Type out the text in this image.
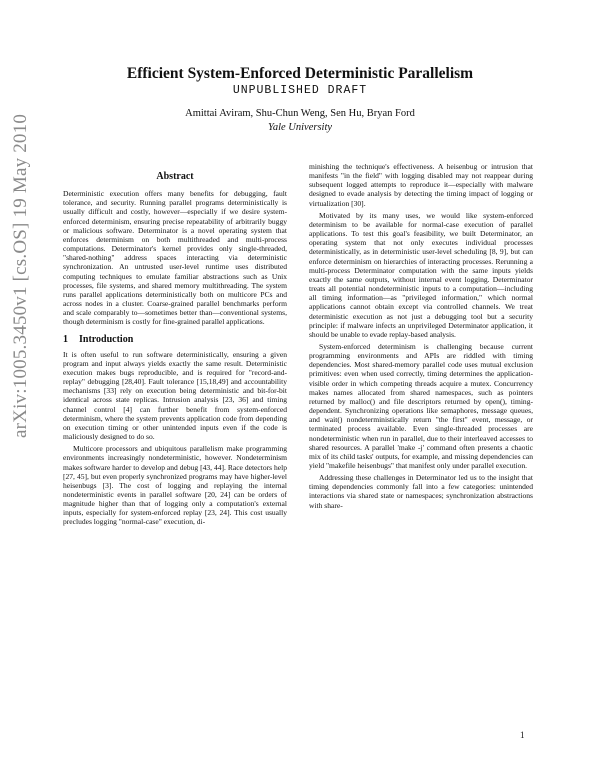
arXiv:1005.3450v1 [cs.OS] 19 May 2010
Efficient System-Enforced Deterministic Parallelism
UNPUBLISHED DRAFT
Amittai Aviram, Shu-Chun Weng, Sen Hu, Bryan Ford
Yale University
Abstract

Deterministic execution offers many benefits for debugging, fault tolerance, and security. Running parallel programs deterministically is usually difficult and costly, however—especially if we desire system-enforced determinism, ensuring precise repeatability of arbitrarily buggy or malicious software. Determinator is a novel operating system that enforces determinism on both multithreaded and multi-process computations. Determinator's kernel provides only single-threaded, "shared-nothing" address spaces interacting via deterministic synchronization. An untrusted user-level runtime uses distributed computing techniques to emulate familiar abstractions such as Unix processes, file systems, and shared memory multithreading. The system runs parallel applications deterministically both on multicore PCs and across nodes in a cluster. Coarse-grained parallel benchmarks perform and scale comparably to—sometimes better than—conventional systems, though determinism is costly for fine-grained parallel applications.

1 Introduction

It is often useful to run software deterministically, ensuring a given program and input always yields exactly the same result. Deterministic execution makes bugs reproducible, and is required for "record-and-replay" debugging [28,40]. Fault tolerance [15,18,49] and accountability mechanisms [33] rely on execution being deterministic and bit-for-bit identical across state replicas. Intrusion analysis [23, 36] and timing channel control [4] can further benefit from system-enforced determinism, where the system prevents application code from depending on execution timing or other unintended inputs even if the code is maliciously designed to do so.

Multicore processors and ubiquitous parallelism make programming environments increasingly nondeterministic, however. Nondeterminism makes software harder to develop and debug [43, 44]. Race detectors help [27, 45], but even properly synchronized programs may have higher-level heisenbugs [3]. The cost of logging and replaying the internal nondeterministic events in parallel software [20, 24] can be orders of magnitude higher than that of logging only a computation's external inputs, especially for system-enforced replay [23, 24]. This cost usually precludes logging "normal-case" execution, di-

minishing the technique's effectiveness. A heisenbug or intrusion that manifests "in the field" with logging disabled may not reappear during subsequent logged attempts to reproduce it—especially with malware designed to evade analysis by detecting the timing impact of logging or virtualization [30].

Motivated by its many uses, we would like system-enforced determinism to be available for normal-case execution of parallel applications. To test this goal's feasibility, we built Determinator, an operating system that not only executes individual processes deterministically, as in deterministic user-level scheduling [8, 9], but can enforce determinism on hierarchies of interacting processes. Rerunning a multi-process Determinator computation with the same inputs yields exactly the same outputs, without internal event logging. Determinator treats all potential nondeterministic inputs to a computation—including all timing information—as "privileged information," which normal applications cannot obtain except via controlled channels. We treat deterministic execution as not just a debugging tool but a security principle: if malware infects an unprivileged Determinator application, it should be unable to evade replay-based analysis.

System-enforced determinism is challenging because current programming environments and APIs are riddled with timing dependencies. Most shared-memory parallel code uses mutual exclusion primitives: even when used correctly, timing determines the application-visible order in which competing threads acquire a mutex. Concurrency makes names allocated from shared namespaces, such as pointers returned by malloc() and file descriptors returned by open(), timing-dependent. Synchronizing operations like semaphores, message queues, and wait() nondeterministically return "the first" event, message, or terminated process available. Even single-threaded processes are nondeterministic when run in parallel, due to their interleaved accesses to shared resources. A parallel 'make -j' command often presents a chaotic mix of its child tasks' outputs, for example, and missing dependencies can yield "makefile heisenbugs" that manifest only under parallel execution.

Addressing these challenges in Determinator led us to the insight that timing dependencies commonly fall into a few categories: unintended interactions via shared state or namespaces; synchronization abstractions with share-

1
